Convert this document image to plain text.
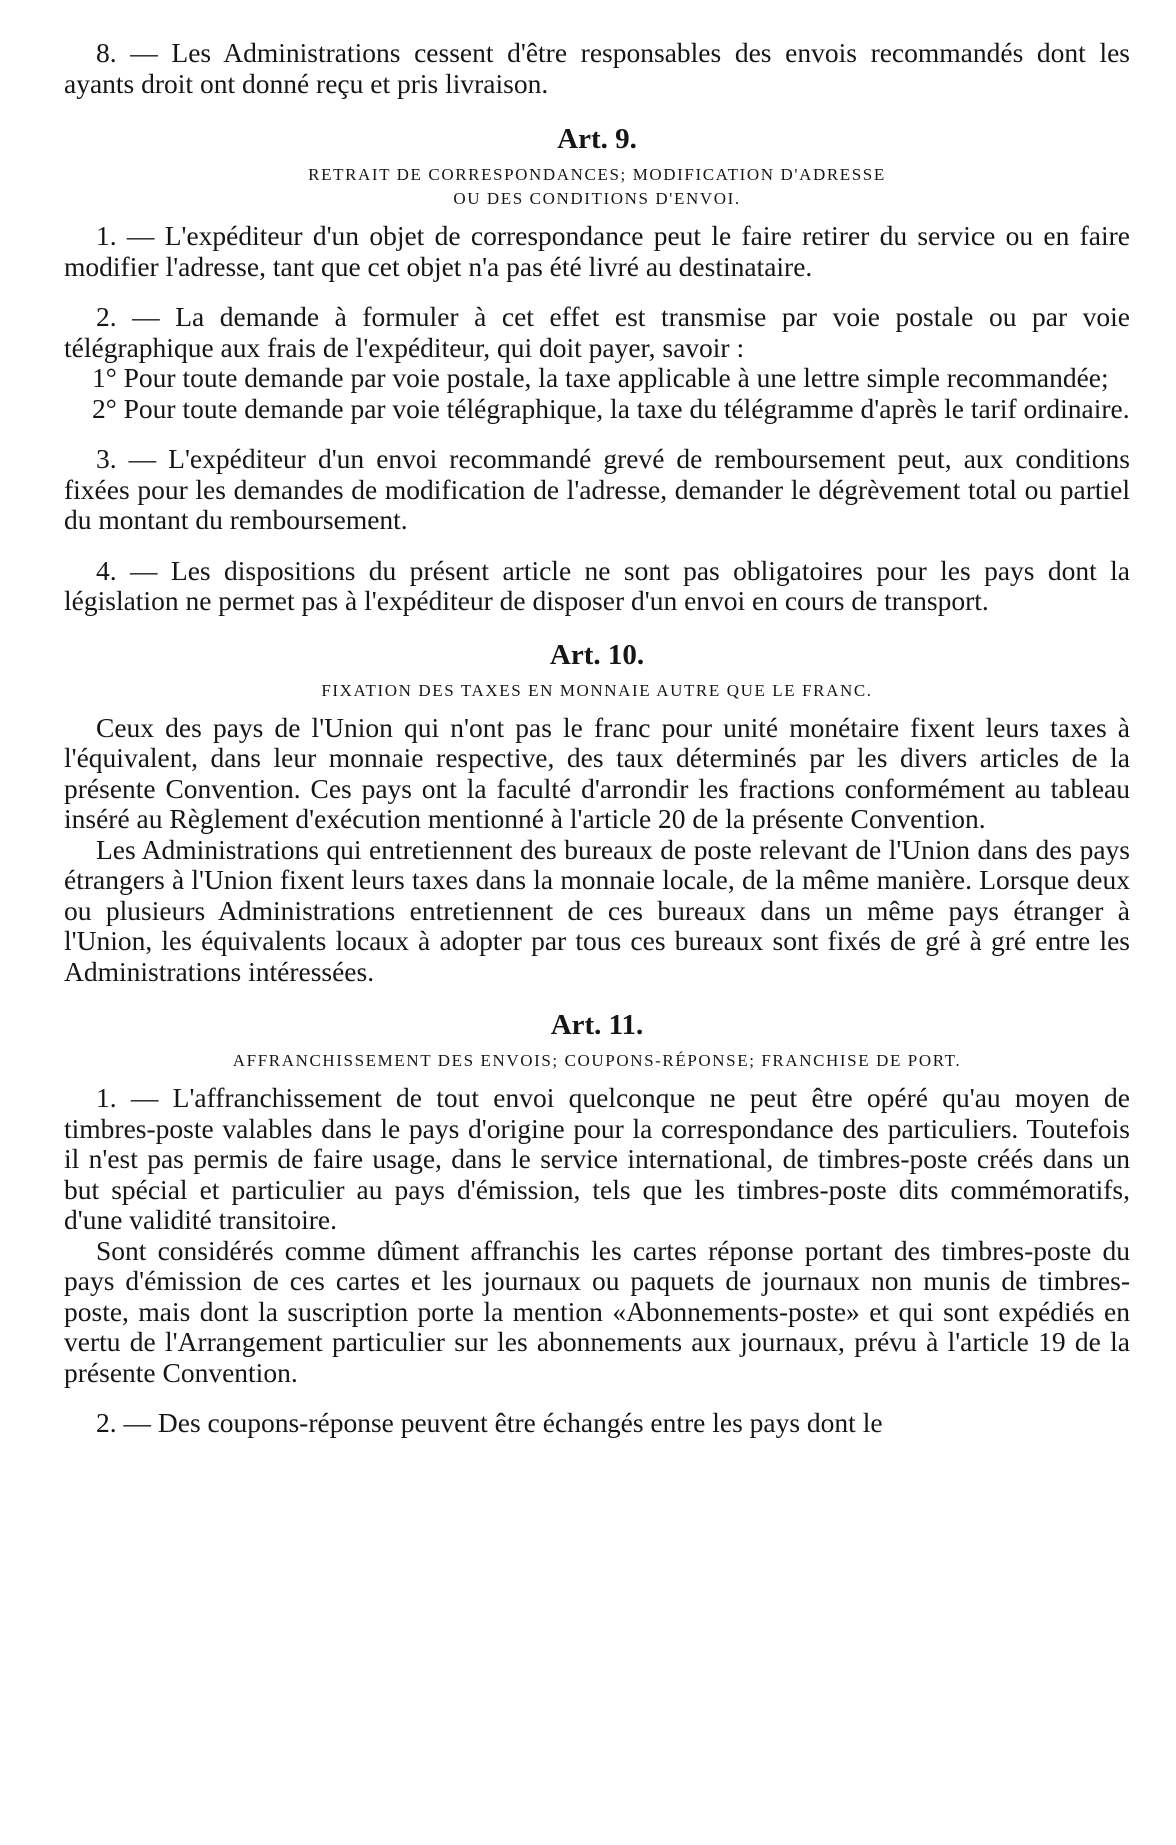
8. — Les Administrations cessent d'être responsables des envois recommandés dont les ayants droit ont donné reçu et pris livraison.

Art. 9.
RETRAIT DE CORRESPONDANCES; MODIFICATION D'ADRESSE
OU DES CONDITIONS D'ENVOI.

1. — L'expéditeur d'un objet de correspondance peut le faire retirer du service ou en faire modifier l'adresse, tant que cet objet n'a pas été livré au destinataire.

2. — La demande à formuler à cet effet est transmise par voie postale ou par voie télégraphique aux frais de l'expéditeur, qui doit payer, savoir :

1° Pour toute demande par voie postale, la taxe applicable à une lettre simple recommandée;

2° Pour toute demande par voie télégraphique, la taxe du télégramme d'après le tarif ordinaire.

3. — L'expéditeur d'un envoi recommandé grevé de remboursement peut, aux conditions fixées pour les demandes de modification de l'adresse, demander le dégrèvement total ou partiel du montant du remboursement.

4. — Les dispositions du présent article ne sont pas obligatoires pour les pays dont la législation ne permet pas à l'expéditeur de disposer d'un envoi en cours de transport.

Art. 10.
FIXATION DES TAXES EN MONNAIE AUTRE QUE LE FRANC.

Ceux des pays de l'Union qui n'ont pas le franc pour unité monétaire fixent leurs taxes à l'équivalent, dans leur monnaie respective, des taux déterminés par les divers articles de la présente Convention. Ces pays ont la faculté d'arrondir les fractions conformément au tableau inséré au Règlement d'exécution mentionné à l'article 20 de la présente Convention.

Les Administrations qui entretiennent des bureaux de poste relevant de l'Union dans des pays étrangers à l'Union fixent leurs taxes dans la monnaie locale, de la même manière. Lorsque deux ou plusieurs Administrations entretiennent de ces bureaux dans un même pays étranger à l'Union, les équivalents locaux à adopter par tous ces bureaux sont fixés de gré à gré entre les Administrations intéressées.

Art. 11.
AFFRANCHISSEMENT DES ENVOIS; COUPONS-RÉPONSE; FRANCHISE DE PORT.

1. — L'affranchissement de tout envoi quelconque ne peut être opéré qu'au moyen de timbres-poste valables dans le pays d'origine pour la correspondance des particuliers. Toutefois il n'est pas permis de faire usage, dans le service international, de timbres-poste créés dans un but spécial et particulier au pays d'émission, tels que les timbres-poste dits commémoratifs, d'une validité transitoire.

Sont considérés comme dûment affranchis les cartes réponse portant des timbres-poste du pays d'émission de ces cartes et les journaux ou paquets de journaux non munis de timbres-poste, mais dont la suscription porte la mention «Abonnements-poste» et qui sont expédiés en vertu de l'Arrangement particulier sur les abonnements aux journaux, prévu à l'article 19 de la présente Convention.

2. — Des coupons-réponse peuvent être échangés entre les pays dont le
